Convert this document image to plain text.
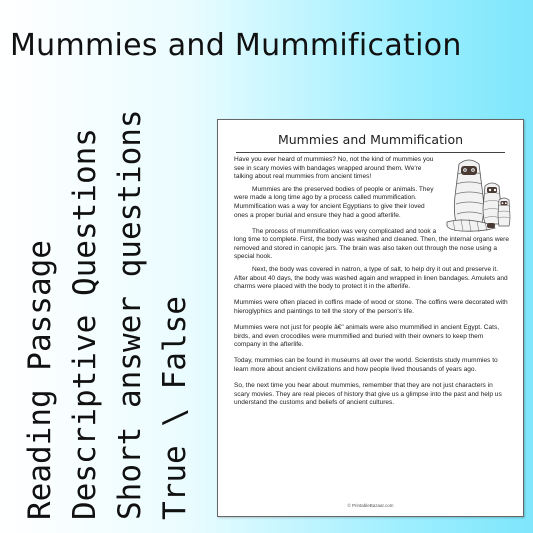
Mummies and Mummification
Reading Passage Descriptive Questions Short answer questions True \ False
Mummies and Mummification

Have you ever heard of mummies? No, not the kind of mummies you see in scary movies with bandages wrapped around them. We're talking about real mummies from ancient times!

Mummies are the preserved bodies of people or animals. They were made a long time ago by a process called mummification. Mummification was a way for ancient Egyptians to give their loved ones a proper burial and ensure they had a good afterlife.

The process of mummification was very complicated and took a long time to complete. First, the body was washed and cleaned. Then, the internal organs were removed and stored in canopic jars. The brain was also taken out through the nose using a special hook.

Next, the body was covered in natron, a type of salt, to help dry it out and preserve it. After about 40 days, the body was washed again and wrapped in linen bandages. Amulets and charms were placed with the body to protect it in the afterlife.

Mummies were often placed in coffins made of wood or stone. The coffins were decorated with hieroglyphics and paintings to tell the story of the person's life.

Mummies were not just for people â€" animals were also mummified in ancient Egypt. Cats, birds, and even crocodiles were mummified and buried with their owners to keep them company in the afterlife.

Today, mummies can be found in museums all over the world. Scientists study mummies to learn more about ancient civilizations and how people lived thousands of years ago.

So, the next time you hear about mummies, remember that they are not just characters in scary movies. They are real pieces of history that give us a glimpse into the past and help us understand the customs and beliefs of ancient cultures.

© PrintableBazaar.com
